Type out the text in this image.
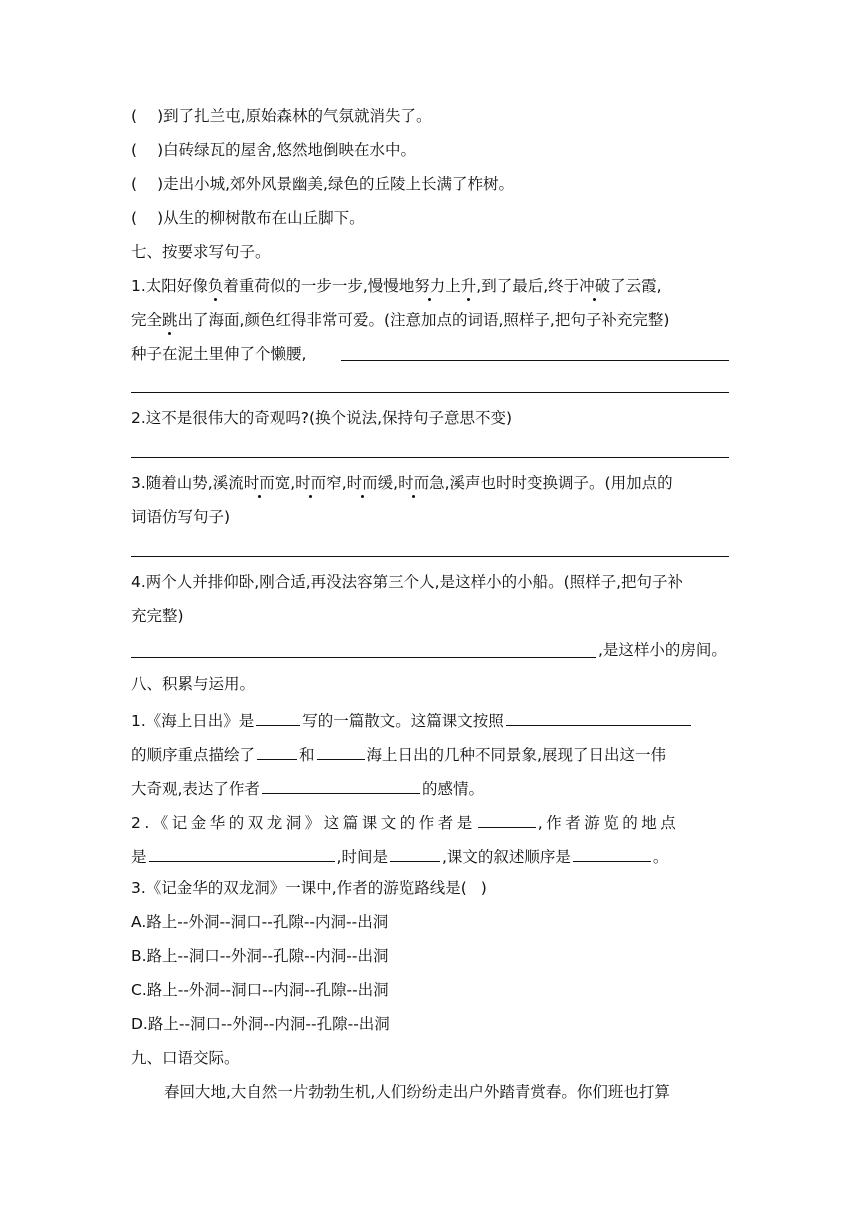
( )到了扎兰屯,原始森林的气氛就消失了。
( )白砖绿瓦的屋舍,悠然地倒映在水中。
( )走出小城,郊外风景幽美,绿色的丘陵上长满了柞树。
( )从生的柳树散布在山丘脚下。
七、按要求写句子。
1.太阳好像负着重荷似的一步一步,慢慢地努力上升,到了最后,终于冲破了云霞,
完全跳出了海面,颜色红得非常可爱。(注意加点的词语,照样子,把句子补充完整)
种子在泥土里伸了个懒腰,
2.这不是很伟大的奇观吗?(换个说法,保持句子意思不变)
3.随着山势,溪流时而宽,时而窄,时而缓,时而急,溪声也时时变换调子。(用加点的
词语仿写句子)
4.两个人并排仰卧,刚合适,再没法容第三个人,是这样小的小船。(照样子,把句子补
充完整)
,是这样小的房间。
八、积累与运用。
1.《海上日出》是	写的一篇散文。这篇课文按照
的顺序重点描绘了	和	海上日出的几种不同景象,展现了日出这一伟
大奇观,表达了作者	的感情。
2.《记金华的双龙洞》这篇课文的作者是	,作者游览的地点
是	,时间是	,课文的叙述顺序是	。
3.《记金华的双龙洞》一课中,作者的游览路线是( )
A.路上--外洞--洞口--孔隙--内洞--出洞
B.路上--洞口--外洞--孔隙--内洞--出洞
C.路上--外洞--洞口--内洞--孔隙--出洞
D.路上--洞口--外洞--内洞--孔隙--出洞
九、口语交际。
春回大地,大自然一片勃勃生机,人们纷纷走出户外踏青赏春。你们班也打算
